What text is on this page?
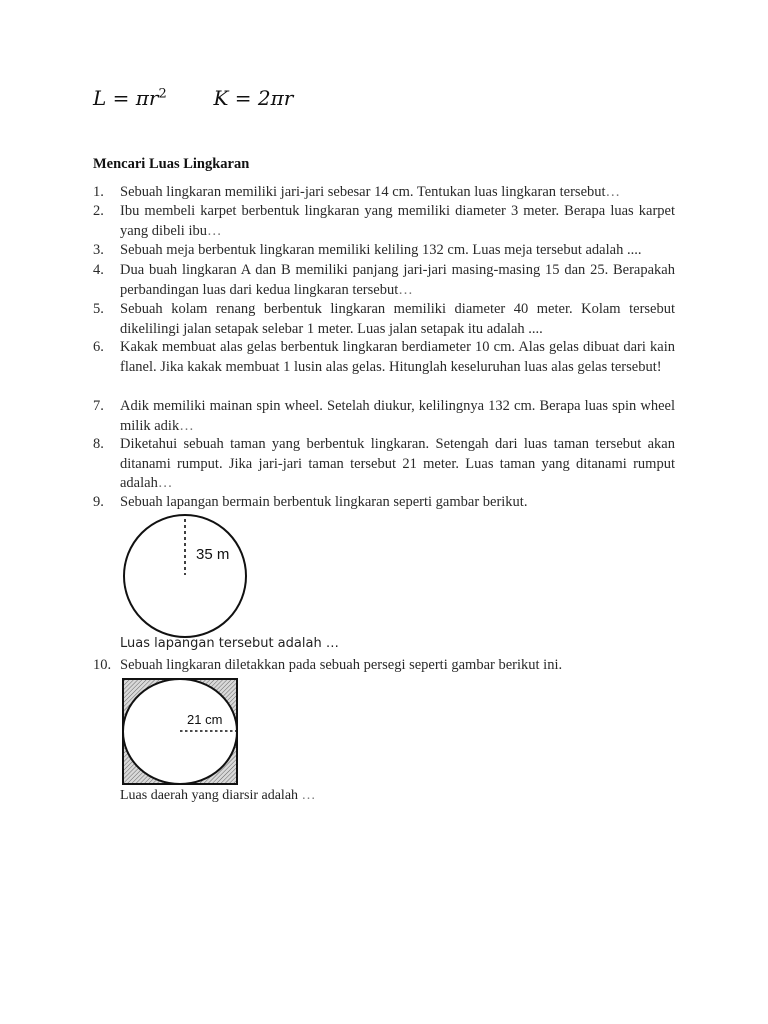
$L = \pi r^2$ K = 2πr
Mencari Luas Lingkaran
1.	Sebuah lingkaran memiliki jari-jari sebesar 14 cm. Tentukan luas lingkaran tersebut…
2.	Ibu membeli karpet berbentuk lingkaran yang memiliki diameter 3 meter. Berapa luas karpet yang dibeli ibu…
3.	Sebuah meja berbentuk lingkaran memiliki keliling 132 cm. Luas meja tersebut adalah ....
4.	Dua buah lingkaran A dan B memiliki panjang jari-jari masing-masing 15 dan 25. Berapakah perbandingan luas dari kedua lingkaran tersebut…
5.	Sebuah kolam renang berbentuk lingkaran memiliki diameter 40 meter. Kolam tersebut dikelilingi jalan setapak selebar 1 meter. Luas jalan setapak itu adalah ....
6.	Kakak membuat alas gelas berbentuk lingkaran berdiameter 10 cm. Alas gelas dibuat dari kain flanel. Jika kakak membuat 1 lusin alas gelas. Hitunglah keseluruhan luas alas gelas tersebut!
7.	Adik memiliki mainan spin wheel. Setelah diukur, kelilingnya 132 cm. Berapa luas spin wheel milik adik…
8.	Diketahui sebuah taman yang berbentuk lingkaran. Setengah dari luas taman tersebut akan ditanami rumput. Jika jari-jari taman tersebut 21 meter. Luas taman yang ditanami rumput adalah…
9.	Sebuah lapangan bermain berbentuk lingkaran seperti gambar berikut.
35 m
Luas lapangan tersebut adalah …
10. Sebuah lingkaran diletakkan pada sebuah persegi seperti gambar berikut ini.
21 cm
Luas daerah yang diarsir adalah …
